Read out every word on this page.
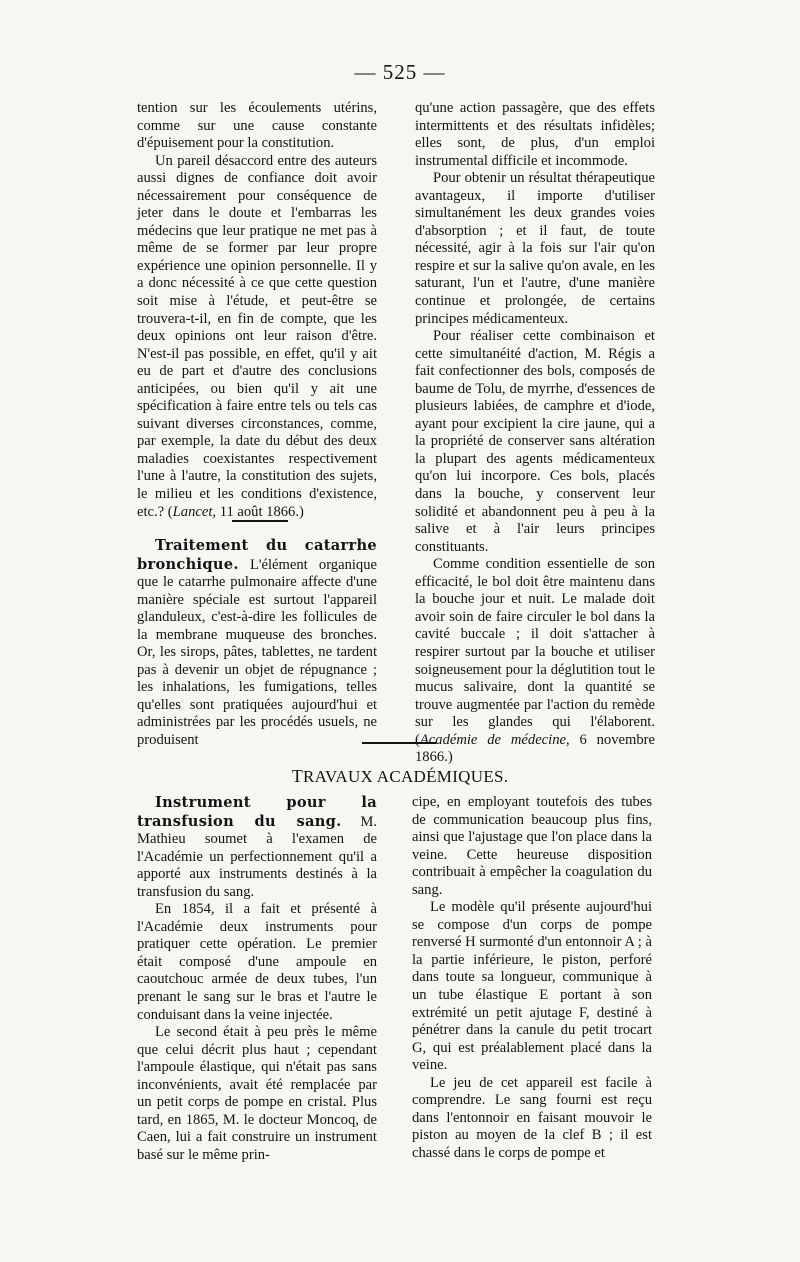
— 525 —

tention sur les écoulements utérins, comme sur une cause constante d'épuisement pour la constitution.

Un pareil désaccord entre des auteurs aussi dignes de confiance doit avoir nécessairement pour conséquence de jeter dans le doute et l'embarras les médecins que leur pratique ne met pas à même de se former par leur propre expérience une opinion personnelle. Il y a donc nécessité à ce que cette question soit mise à l'étude, et peut-être se trouvera-t-il, en fin de compte, que les deux opinions ont leur raison d'être. N'est-il pas possible, en effet, qu'il y ait eu de part et d'autre des conclusions anticipées, ou bien qu'il y ait une spécification à faire entre tels ou tels cas suivant diverses circonstances, comme, par exemple, la date du début des deux maladies coexistantes respectivement l'une à l'autre, la constitution des sujets, le milieu et les conditions d'existence, etc.? (Lancet, 11 août 1866.)

Traitement du catarrhe bronchique. L'élément organique que le catarrhe pulmonaire affecte d'une manière spéciale est surtout l'appareil glanduleux, c'est-à-dire les follicules de la membrane muqueuse des bronches. Or, les sirops, pâtes, tablettes, ne tardent pas à devenir un objet de répugnance ; les inhalations, les fumigations, telles qu'elles sont pratiquées aujourd'hui et administrées par les procédés usuels, ne produisent

qu'une action passagère, que des effets intermittents et des résultats infidèles; elles sont, de plus, d'un emploi instrumental difficile et incommode.

Pour obtenir un résultat thérapeutique avantageux, il importe d'utiliser simultanément les deux grandes voies d'absorption ; et il faut, de toute nécessité, agir à la fois sur l'air qu'on respire et sur la salive qu'on avale, en les saturant, l'un et l'autre, d'une manière continue et prolongée, de certains principes médicamenteux.

Pour réaliser cette combinaison et cette simultanéité d'action, M. Régis a fait confectionner des bols, composés de baume de Tolu, de myrrhe, d'essences de plusieurs labiées, de camphre et d'iode, ayant pour excipient la cire jaune, qui a la propriété de conserver sans altération la plupart des agents médicamenteux qu'on lui incorpore. Ces bols, placés dans la bouche, y conservent leur solidité et abandonnent peu à peu à la salive et à l'air leurs principes constituants.

Comme condition essentielle de son efficacité, le bol doit être maintenu dans la bouche jour et nuit. Le malade doit avoir soin de faire circuler le bol dans la cavité buccale ; il doit s'attacher à respirer surtout par la bouche et utiliser soigneusement pour la déglutition tout le mucus salivaire, dont la quantité se trouve augmentée par l'action du remède sur les glandes qui l'élaborent. (Académie de médecine, 6 novembre 1866.)

TRAVAUX ACADÉMIQUES.

Instrument pour la transfusion du sang. M. Mathieu soumet à l'examen de l'Académie un perfectionnement qu'il a apporté aux instruments destinés à la transfusion du sang.

En 1854, il a fait et présenté à l'Académie deux instruments pour pratiquer cette opération. Le premier était composé d'une ampoule en caoutchouc armée de deux tubes, l'un prenant le sang sur le bras et l'autre le conduisant dans la veine injectée.

Le second était à peu près le même que celui décrit plus haut ; cependant l'ampoule élastique, qui n'était pas sans inconvénients, avait été remplacée par un petit corps de pompe en cristal. Plus tard, en 1865, M. le docteur Moncoq, de Caen, lui a fait construire un instrument basé sur le même prin-

cipe, en employant toutefois des tubes de communication beaucoup plus fins, ainsi que l'ajustage que l'on place dans la veine. Cette heureuse disposition contribuait à empêcher la coagulation du sang.

Le modèle qu'il présente aujourd'hui se compose d'un corps de pompe renversé H surmonté d'un entonnoir A ; à la partie inférieure, le piston, perforé dans toute sa longueur, communique à un tube élastique E portant à son extrémité un petit ajutage F, destiné à pénétrer dans la canule du petit trocart G, qui est préalablement placé dans la veine.

Le jeu de cet appareil est facile à comprendre. Le sang fourni est reçu dans l'entonnoir en faisant mouvoir le piston au moyen de la clef B ; il est chassé dans le corps de pompe et
